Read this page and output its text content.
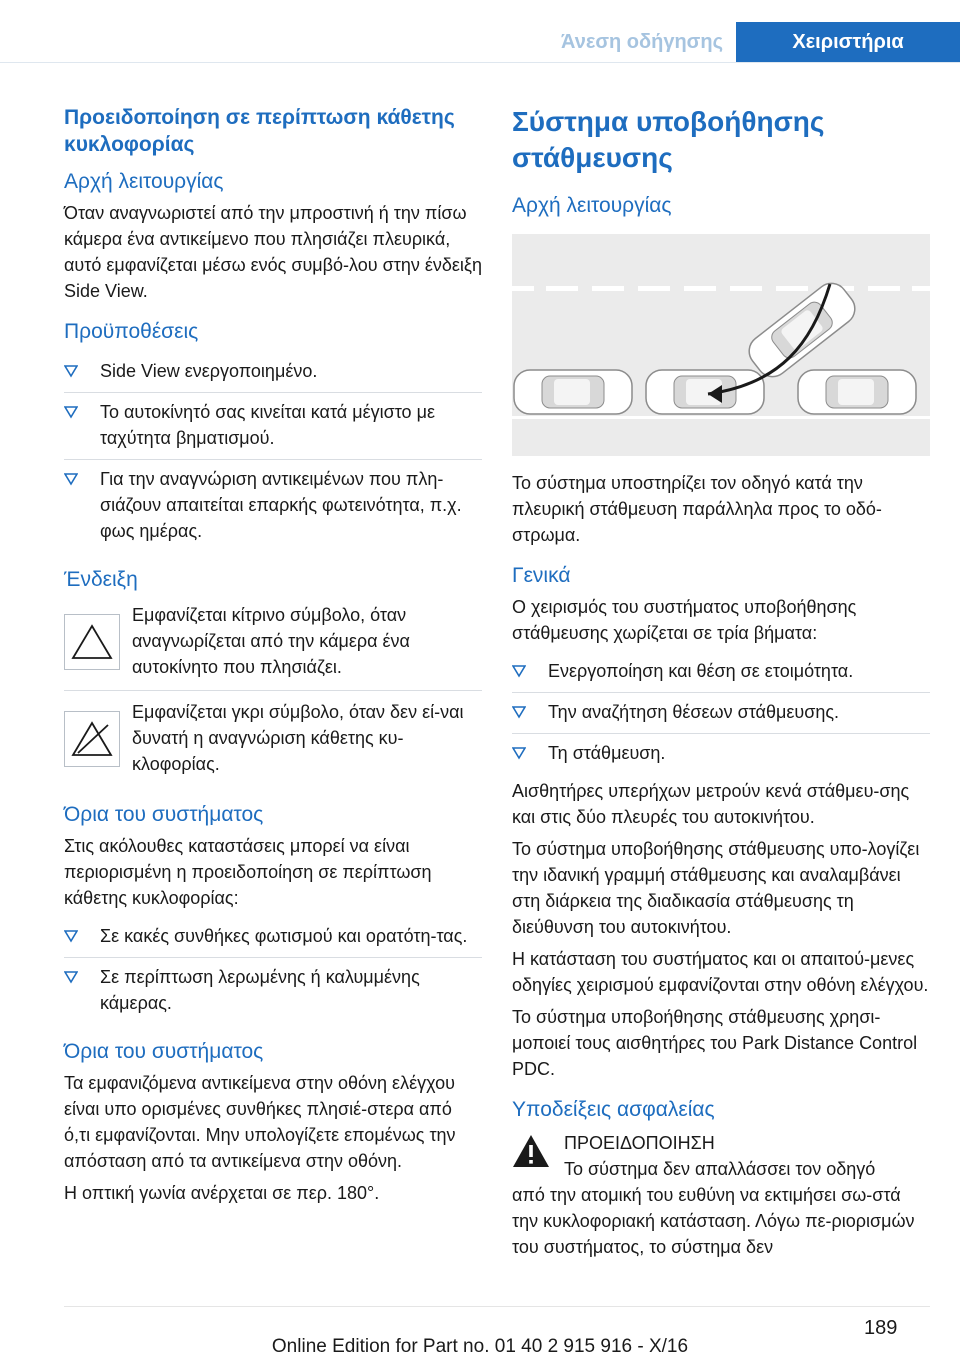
Άνεση οδήγησης	Χειριστήρια
Προειδοποίηση σε περίπτωση κάθετης κυκλοφορίας
Αρχή λειτουργίας
Όταν αναγνωριστεί από την μπροστινή ή την πίσω κάμερα ένα αντικείμενο που πλησιάζει πλευρικά, αυτό εμφανίζεται μέσω ενός συμβό-λου στην ένδειξη Side View.
Προϋποθέσεις
Side View ενεργοποιημένο.
Το αυτοκίνητό σας κινείται κατά μέγιστο με ταχύτητα βηματισμού.
Για την αναγνώριση αντικειμένων που πλη-σιάζουν απαιτείται επαρκής φωτεινότητα, π.χ. φως ημέρας.
Ένδειξη
Εμφανίζεται κίτρινο σύμβολο, όταν αναγνωρίζεται από την κάμερα ένα αυτοκίνητο που πλησιάζει.
Εμφανίζεται γκρι σύμβολο, όταν δεν εί-ναι δυνατή η αναγνώριση κάθετης κυ-κλοφορίας.
Όρια του συστήματος
Στις ακόλουθες καταστάσεις μπορεί να είναι περιορισμένη η προειδοποίηση σε περίπτωση κάθετης κυκλοφορίας:
Σε κακές συνθήκες φωτισμού και ορατότη-τας.
Σε περίπτωση λερωμένης ή καλυμμένης κάμερας.
Όρια του συστήματος
Τα εμφανιζόμενα αντικείμενα στην οθόνη ελέγχου είναι υπο ορισμένες συνθήκες πλησιέ-στερα από ό,τι εμφανίζονται. Μην υπολογίζετε επομένως την απόσταση από τα αντικείμενα στην οθόνη.
Η οπτική γωνία ανέρχεται σε περ. 180°.
Σύστημα υποβοήθησης στάθμευσης
Αρχή λειτουργίας
Το σύστημα υποστηρίζει τον οδηγό κατά την πλευρική στάθμευση παράλληλα προς το οδό-στρωμα.
Γενικά
Ο χειρισμός του συστήματος υποβοήθησης στάθμευσης χωρίζεται σε τρία βήματα:
Ενεργοποίηση και θέση σε ετοιμότητα.
Την αναζήτηση θέσεων στάθμευσης.
Τη στάθμευση.
Αισθητήρες υπερήχων μετρούν κενά στάθμευ-σης και στις δύο πλευρές του αυτοκινήτου.
Το σύστημα υποβοήθησης στάθμευσης υπο-λογίζει την ιδανική γραμμή στάθμευσης και αναλαμβάνει στη διάρκεια της διαδικασία στάθμευσης τη διεύθυνση του αυτοκινήτου.
Η κατάσταση του συστήματος και οι απαιτού-μενες οδηγίες χειρισμού εμφανίζονται στην οθόνη ελέγχου.
Το σύστημα υποβοήθησης στάθμευσης χρησι-μοποιεί τους αισθητήρες του Park Distance Control PDC.
Υποδείξεις ασφαλείας
ΠΡΟΕΙΔΟΠΟΙΗΣΗ
Το σύστημα δεν απαλλάσσει τον οδηγό
από την ατομική του ευθύνη να εκτιμήσει σω-στά την κυκλοφοριακή κατάσταση. Λόγω πε-ριορισμών του συστήματος, το σύστημα δεν
189
Online Edition for Part no. 01 40 2 915 916 - X/16
